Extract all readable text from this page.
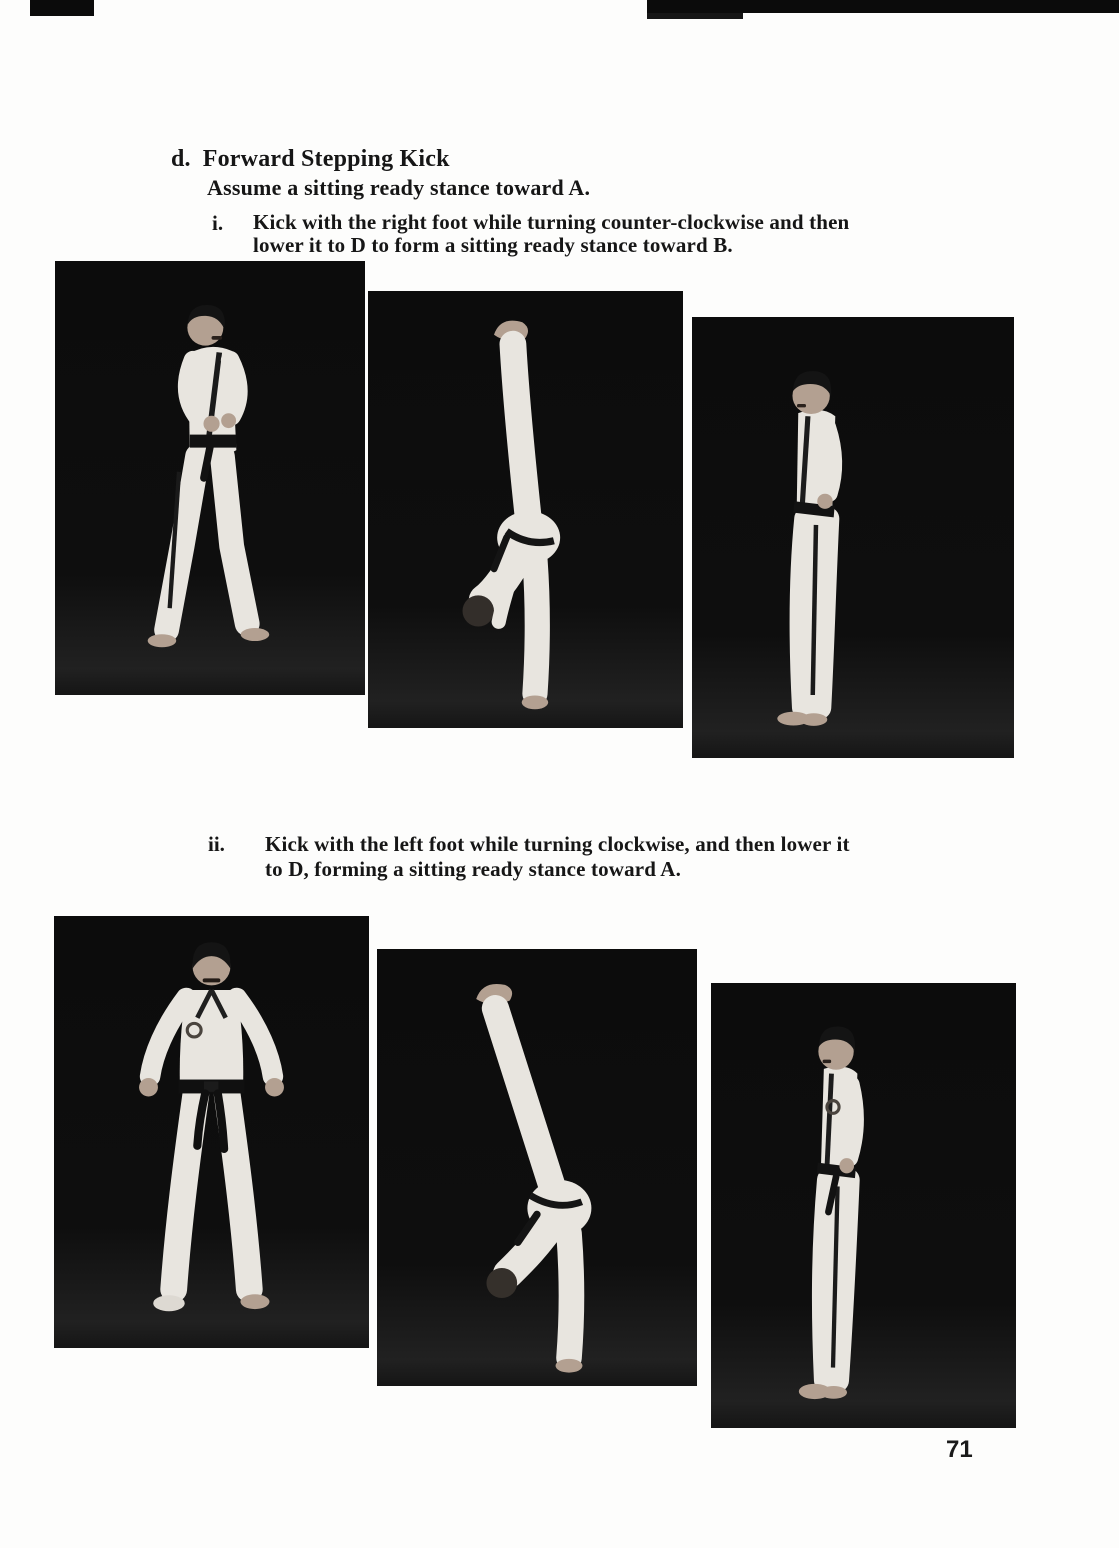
d. Forward Stepping Kick
Assume a sitting ready stance toward A.
i.	Kick with the right foot while turning counter-clockwise and then
lower it to D to form a sitting ready stance toward B.
ii.	Kick with the left foot while turning clockwise, and then lower it
to D, forming a sitting ready stance toward A.
71
